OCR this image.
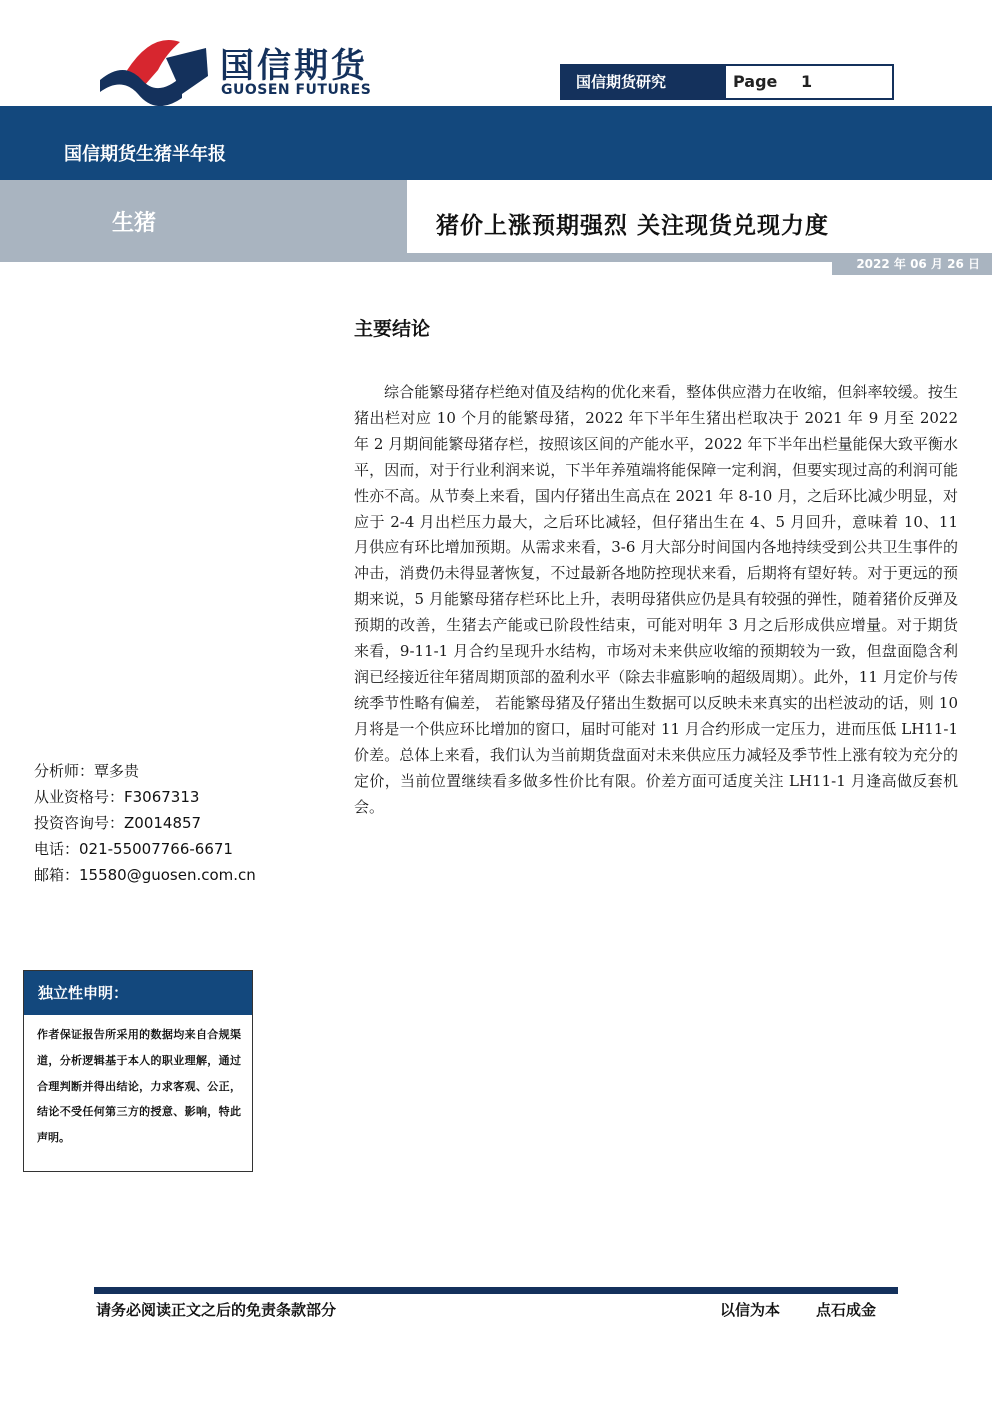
国信期货
GUOSEN FUTURES	国信期货研究	Page 1
国信期货生猪半年报
生猪	猪价上涨预期强烈 关注现货兑现力度
2022 年 06 月 26 日
主要结论
综合能繁母猪存栏绝对值及结构的优化来看，整体供应潜力在收缩，但斜率较缓。按生猪出栏对应 10 个月的能繁母猪，2022 年下半年生猪出栏取决于 2021 年 9 月至 2022 年 2 月期间能繁母猪存栏，按照该区间的产能水平，2022 年下半年出栏量能保大致平衡水平，因而，对于行业利润来说，下半年养殖端将能保障一定利润，但要实现过高的利润可能性亦不高。从节奏上来看，国内仔猪出生高点在 2021 年 8-10 月，之后环比减少明显，对应于 2-4 月出栏压力最大，之后环比减轻，但仔猪出生在 4、5 月回升，意味着 10、11 月供应有环比增加预期。从需求来看，3-6 月大部分时间国内各地持续受到公共卫生事件的冲击，消费仍未得显著恢复，不过最新各地防控现状来看，后期将有望好转。对于更远的预期来说，5 月能繁母猪存栏环比上升，表明母猪供应仍是具有较强的弹性，随着猪价反弹及预期的改善，生猪去产能或已阶段性结束，可能对明年 3 月之后形成供应增量。对于期货来看，9-11-1 月合约呈现升水结构，市场对未来供应收缩的预期较为一致，但盘面隐含利润已经接近往年猪周期顶部的盈利水平（除去非瘟影响的超级周期）。此外，11 月定价与传统季节性略有偏差， 若能繁母猪及仔猪出生数据可以反映未来真实的出栏波动的话，则 10 月将是一个供应环比增加的窗口，届时可能对 11 月合约形成一定压力，进而压低 LH11-1 价差。总体上来看，我们认为当前期货盘面对未来供应压力减轻及季节性上涨有较为充分的定价，当前位置继续看多做多性价比有限。价差方面可适度关注 LH11-1 月逢高做反套机会。
分析师：覃多贵
从业资格号：F3067313
投资咨询号：Z0014857
电话：021-55007766-6671
邮箱：15580@guosen.com.cn
独立性申明：
作者保证报告所采用的数据均来自合规渠道，分析逻辑基于本人的职业理解，通过合理判断并得出结论，力求客观、公正，结论不受任何第三方的授意、影响，特此声明。
请务必阅读正文之后的免责条款部分	以信为本 点石成金
